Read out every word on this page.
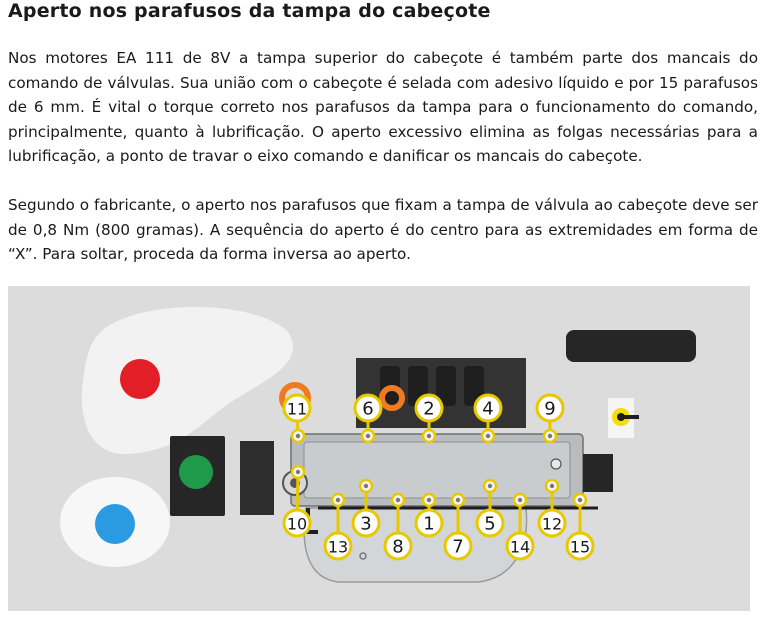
Aperto nos parafusos da tampa do cabeçote

Nos motores EA 111 de 8V a tampa superior do cabeçote é também parte dos mancais do comando de válvulas. Sua união com o cabeçote é selada com adesivo líquido e por 15 parafusos de 6 mm. É vital o torque correto nos parafusos da tampa para o funcionamento do comando, principalmente, quanto à lubrificação. O aperto excessivo elimina as folgas necessárias para a lubrificação, a ponto de travar o eixo comando e danificar os mancais do cabeçote.

Segundo o fabricante, o aperto nos parafusos que fixam a tampa de válvula ao cabeçote deve ser de 0,8 Nm (800 gramas). A sequência do aperto é do centro para as extremidades em forma de “X”. Para soltar, proceda da forma inversa ao aperto.

1
2
3
4
5
6
7
8
9
10
11
12
13	14 15
